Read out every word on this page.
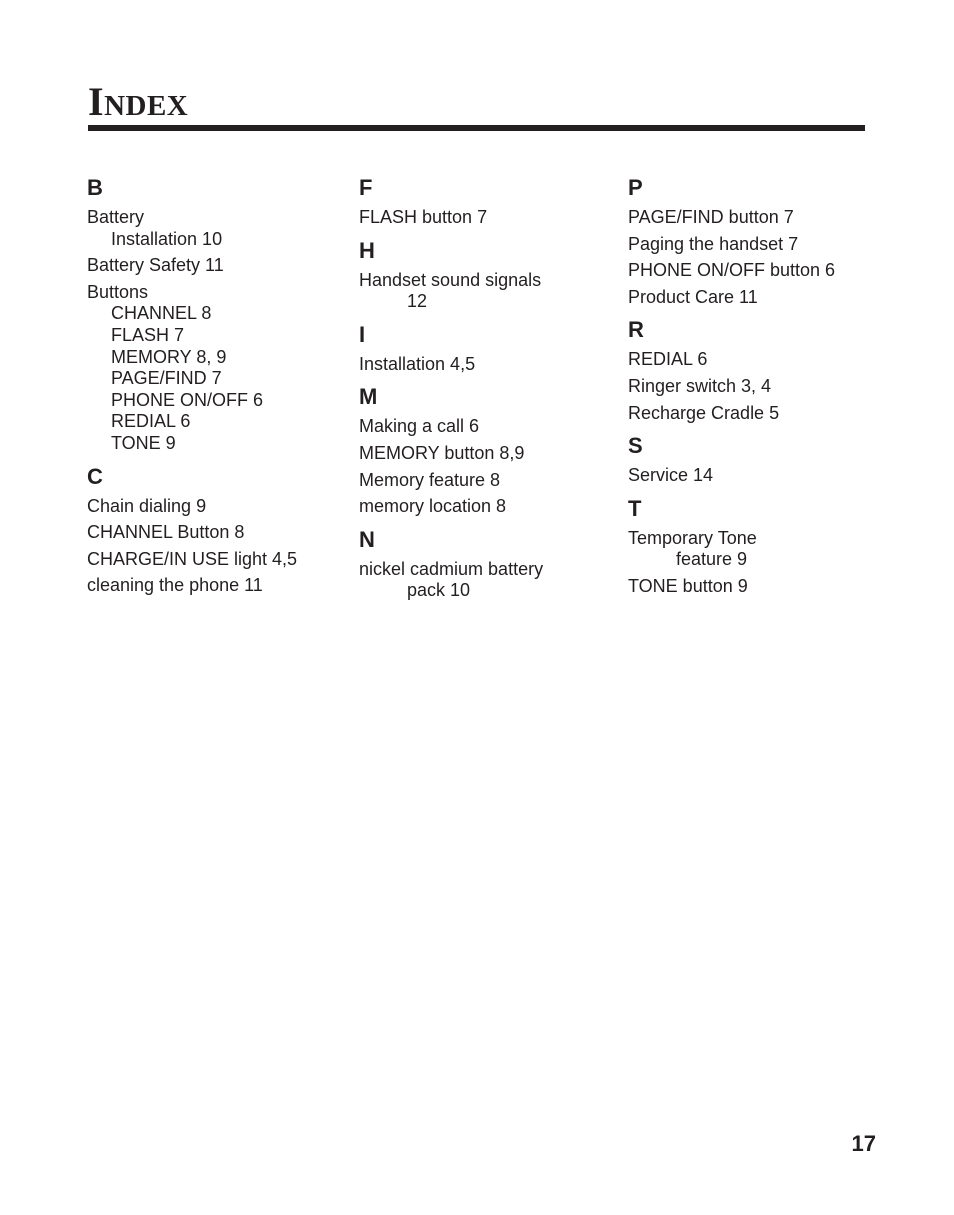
INDEX
B
Battery
Installation 10
Battery Safety 11
Buttons
CHANNEL 8
FLASH 7
MEMORY 8, 9
PAGE/FIND 7
PHONE ON/OFF 6
REDIAL 6
TONE 9
C
Chain dialing 9
CHANNEL Button 8
CHARGE/IN USE light 4,5
cleaning the phone 11
F
FLASH button 7
H
Handset sound signals
12
I
Installation 4,5
M
Making a call 6
MEMORY button 8,9
Memory feature 8
memory location 8
N
nickel cadmium battery
pack 10
P
PAGE/FIND button 7
Paging the handset 7
PHONE ON/OFF button 6
Product Care 11
R
REDIAL 6
Ringer switch 3, 4
Recharge Cradle 5
S
Service 14
T
Temporary Tone
feature 9
TONE button 9
17
